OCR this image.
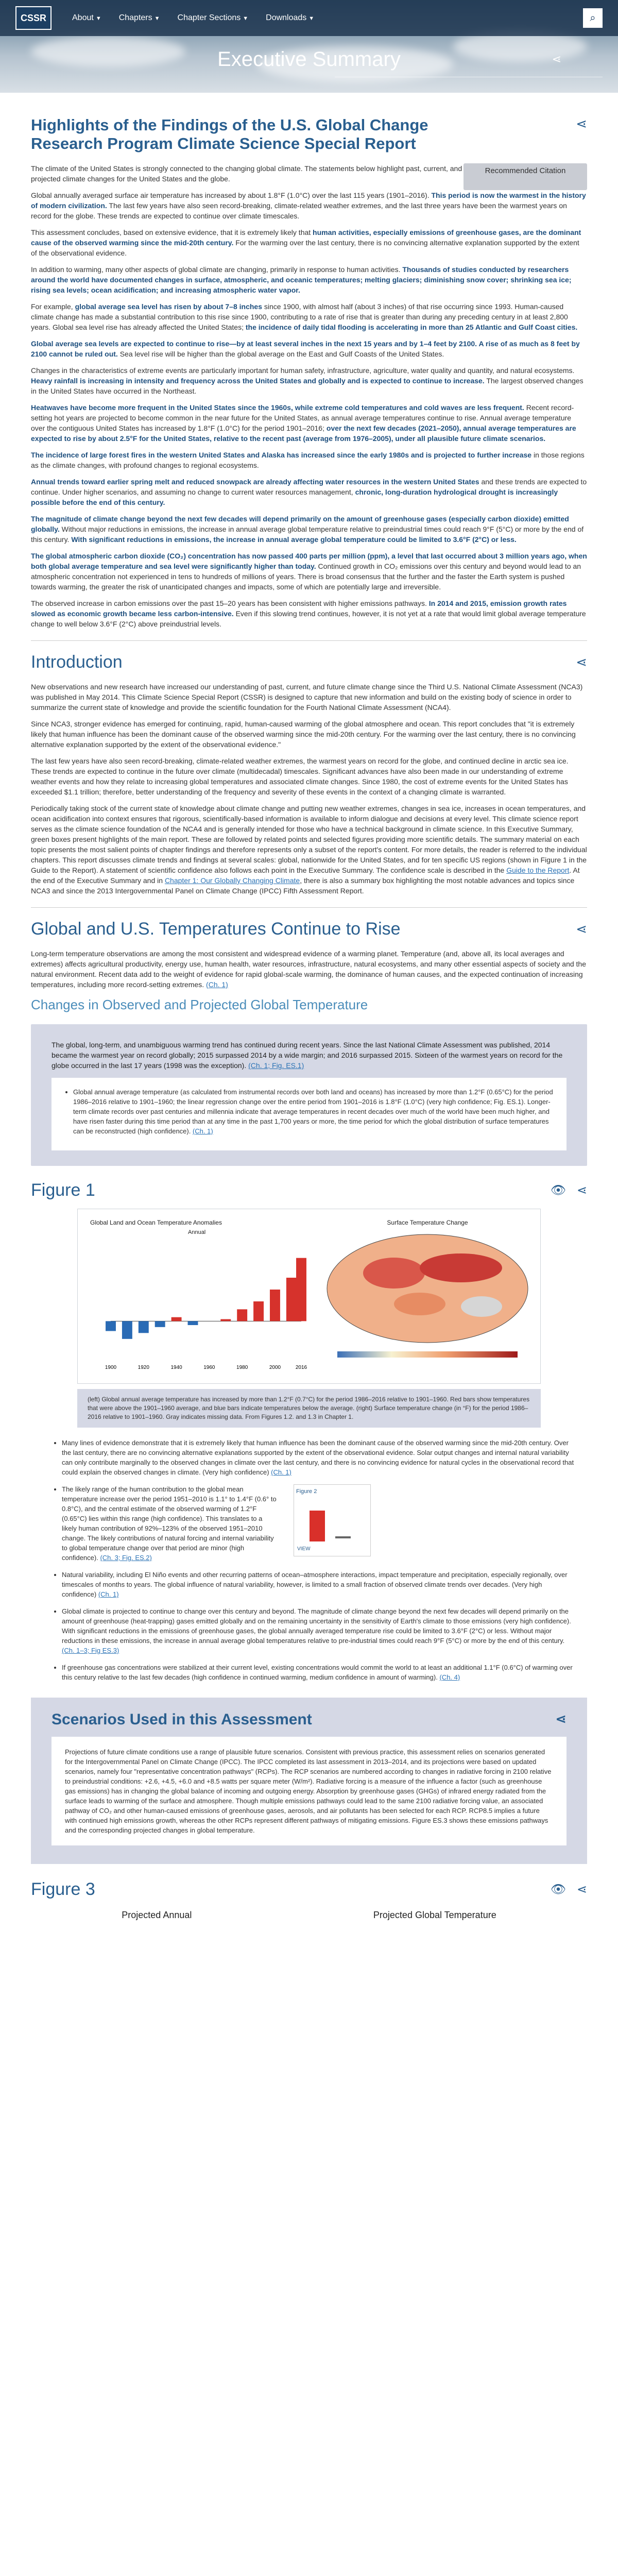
CSSR	About ▼ Chapters ▼ Chapter Sections ▼ Downloads ▼	⌕
Executive Summary	⋖
Highlights of the Findings of the U.S. Global Change Research Program Climate Science Special Report
⋖

The climate of the United States is strongly connected to the changing global climate. The statements below highlight past, current, and projected climate changes for the United States and the globe.

Recommended Citation

Global annually averaged surface air temperature has increased by about 1.8°F (1.0°C) over the last 115 years (1901–2016). This period is now the warmest in the history of modern civilization. The last few years have also seen record-breaking, climate-related weather extremes, and the last three years have been the warmest years on record for the globe. These trends are expected to continue over climate timescales.

This assessment concludes, based on extensive evidence, that it is extremely likely that human activities, especially emissions of greenhouse gases, are the dominant cause of the observed warming since the mid-20th century. For the warming over the last century, there is no convincing alternative explanation supported by the extent of the observational evidence.

In addition to warming, many other aspects of global climate are changing, primarily in response to human activities. Thousands of studies conducted by researchers around the world have documented changes in surface, atmospheric, and oceanic temperatures; melting glaciers; diminishing snow cover; shrinking sea ice; rising sea levels; ocean acidification; and increasing atmospheric water vapor.

For example, global average sea level has risen by about 7–8 inches since 1900, with almost half (about 3 inches) of that rise occurring since 1993. Human-caused climate change has made a substantial contribution to this rise since 1900, contributing to a rate of rise that is greater than during any preceding century in at least 2,800 years. Global sea level rise has already affected the United States; the incidence of daily tidal flooding is accelerating in more than 25 Atlantic and Gulf Coast cities.

Global average sea levels are expected to continue to rise—by at least several inches in the next 15 years and by 1–4 feet by 2100. A rise of as much as 8 feet by 2100 cannot be ruled out. Sea level rise will be higher than the global average on the East and Gulf Coasts of the United States.

Changes in the characteristics of extreme events are particularly important for human safety, infrastructure, agriculture, water quality and quantity, and natural ecosystems. Heavy rainfall is increasing in intensity and frequency across the United States and globally and is expected to continue to increase. The largest observed changes in the United States have occurred in the Northeast.

Heatwaves have become more frequent in the United States since the 1960s, while extreme cold temperatures and cold waves are less frequent. Recent record-setting hot years are projected to become common in the near future for the United States, as annual average temperatures continue to rise. Annual average temperature over the contiguous United States has increased by 1.8°F (1.0°C) for the period 1901–2016; over the next few decades (2021–2050), annual average temperatures are expected to rise by about 2.5°F for the United States, relative to the recent past (average from 1976–2005), under all plausible future climate scenarios.

The incidence of large forest fires in the western United States and Alaska has increased since the early 1980s and is projected to further increase in those regions as the climate changes, with profound changes to regional ecosystems.

Annual trends toward earlier spring melt and reduced snowpack are already affecting water resources in the western United States and these trends are expected to continue. Under higher scenarios, and assuming no change to current water resources management, chronic, long-duration hydrological drought is increasingly possible before the end of this century.

The magnitude of climate change beyond the next few decades will depend primarily on the amount of greenhouse gases (especially carbon dioxide) emitted globally. Without major reductions in emissions, the increase in annual average global temperature relative to preindustrial times could reach 9°F (5°C) or more by the end of this century. With significant reductions in emissions, the increase in annual average global temperature could be limited to 3.6°F (2°C) or less.

The global atmospheric carbon dioxide (CO₂) concentration has now passed 400 parts per million (ppm), a level that last occurred about 3 million years ago, when both global average temperature and sea level were significantly higher than today. Continued growth in CO₂ emissions over this century and beyond would lead to an atmospheric concentration not experienced in tens to hundreds of millions of years. There is broad consensus that the further and the faster the Earth system is pushed towards warming, the greater the risk of unanticipated changes and impacts, some of which are potentially large and irreversible.

The observed increase in carbon emissions over the past 15–20 years has been consistent with higher emissions pathways. In 2014 and 2015, emission growth rates slowed as economic growth became less carbon-intensive. Even if this slowing trend continues, however, it is not yet at a rate that would limit global average temperature change to well below 3.6°F (2°C) above preindustrial levels.

Introduction	⋖

New observations and new research have increased our understanding of past, current, and future climate change since the Third U.S. National Climate Assessment (NCA3) was published in May 2014. This Climate Science Special Report (CSSR) is designed to capture that new information and build on the existing body of science in order to summarize the current state of knowledge and provide the scientific foundation for the Fourth National Climate Assessment (NCA4).

Since NCA3, stronger evidence has emerged for continuing, rapid, human-caused warming of the global atmosphere and ocean. This report concludes that "it is extremely likely that human influence has been the dominant cause of the observed warming since the mid-20th century. For the warming over the last century, there is no convincing alternative explanation supported by the extent of the observational evidence."

The last few years have also seen record-breaking, climate-related weather extremes, the warmest years on record for the globe, and continued decline in arctic sea ice. These trends are expected to continue in the future over climate (multidecadal) timescales. Significant advances have also been made in our understanding of extreme weather events and how they relate to increasing global temperatures and associated climate changes. Since 1980, the cost of extreme events for the United States has exceeded $1.1 trillion; therefore, better understanding of the frequency and severity of these events in the context of a changing climate is warranted.

Periodically taking stock of the current state of knowledge about climate change and putting new weather extremes, changes in sea ice, increases in ocean temperatures, and ocean acidification into context ensures that rigorous, scientifically-based information is available to inform dialogue and decisions at every level. This climate science report serves as the climate science foundation of the NCA4 and is generally intended for those who have a technical background in climate science. In this Executive Summary, green boxes present highlights of the main report. These are followed by related points and selected figures providing more scientific details. The summary material on each topic presents the most salient points of chapter findings and therefore represents only a subset of the report's content. For more details, the reader is referred to the individual chapters. This report discusses climate trends and findings at several scales: global, nationwide for the United States, and for ten specific US regions (shown in Figure 1 in the Guide to the Report). A statement of scientific confidence also follows each point in the Executive Summary. The confidence scale is described in the Guide to the Report. At the end of the Executive Summary and in Chapter 1: Our Globally Changing Climate, there is also a summary box highlighting the most notable advances and topics since NCA3 and since the 2013 Intergovernmental Panel on Climate Change (IPCC) Fifth Assessment Report.

Global and U.S. Temperatures Continue to Rise	⋖

Long-term temperature observations are among the most consistent and widespread evidence of a warming planet. Temperature (and, above all, its local averages and extremes) affects agricultural productivity, energy use, human health, water resources, infrastructure, natural ecosystems, and many other essential aspects of society and the natural environment. Recent data add to the weight of evidence for rapid global-scale warming, the dominance of human causes, and the expected continuation of increasing temperatures, including more record-setting extremes. (Ch. 1)

Changes in Observed and Projected Global Temperature
The global, long-term, and unambiguous warming trend has continued during recent years. Since the last National Climate Assessment was published, 2014 became the warmest year on record globally; 2015 surpassed 2014 by a wide margin; and 2016 surpassed 2015. Sixteen of the warmest years on record for the globe occurred in the last 17 years (1998 was the exception). (Ch. 1; Fig. ES.1)
• Global annual average temperature (as calculated from instrumental records over both land and oceans) has increased by more than 1.2°F (0.65°C) for the period 1986–2016 relative to 1901–1960; the linear regression change over the entire period from 1901–2016 is 1.8°F (1.0°C) (very high confidence; Fig. ES.1). Longer-term climate records over past centuries and millennia indicate that average temperatures in recent decades over much of the world have been much higher, and have risen faster during this time period than at any time in the past 1,700 years or more, the time period for which the global distribution of surface temperatures can be reconstructed (high confidence). (Ch. 1)
Figure 1	👁 ⋖
Global Land and Ocean Temperature Anomalies
Annual
1900	1920	1940	1960	1980	2000	2016
Surface Temperature Change
(left) Global annual average temperature has increased by more than 1.2°F (0.7°C) for the period 1986–2016 relative to 1901–1960. Red bars show temperatures that were above the 1901–1960 average, and blue bars indicate temperatures below the average. (right) Surface temperature change (in °F) for the period 1986–2016 relative to 1901–1960. Gray indicates missing data. From Figures 1.2. and 1.3 in Chapter 1.
• Many lines of evidence demonstrate that it is extremely likely that human influence has been the dominant cause of the observed warming since the mid-20th century. Over the last century, there are no convincing alternative explanations supported by the extent of the observational evidence. Solar output changes and internal natural variability can only contribute marginally to the observed changes in climate over the last century, and there is no convincing evidence for natural cycles in the observational record that could explain the observed changes in climate. (Very high confidence) (Ch. 1)
• The likely range of the human contribution to the global mean temperature increase over the period 1951–2010 is 1.1° to 1.4°F (0.6° to 0.8°C), and the central estimate of the observed warming of 1.2°F (0.65°C) lies within this range (high confidence). This translates to a likely human contribution of 92%–123% of the observed 1951–2010 change. The likely contributions of natural forcing and internal variability to global temperature change over that period are minor (high confidence). (Ch. 3; Fig. ES.2)
Figure 2
VIEW
• Natural variability, including El Niño events and other recurring patterns of ocean–atmosphere interactions, impact temperature and precipitation, especially regionally, over timescales of months to years. The global influence of natural variability, however, is limited to a small fraction of observed climate trends over decades. (Very high confidence) (Ch. 1)
• Global climate is projected to continue to change over this century and beyond. The magnitude of climate change beyond the next few decades will depend primarily on the amount of greenhouse (heat-trapping) gases emitted globally and on the remaining uncertainty in the sensitivity of Earth's climate to those emissions (very high confidence). With significant reductions in the emissions of greenhouse gases, the global annually averaged temperature rise could be limited to 3.6°F (2°C) or less. Without major reductions in these emissions, the increase in annual average global temperatures relative to pre-industrial times could reach 9°F (5°C) or more by the end of this century. (Ch. 1–3; Fig ES.3)
• If greenhouse gas concentrations were stabilized at their current level, existing concentrations would commit the world to at least an additional 1.1°F (0.6°C) of warming over this century relative to the last few decades (high confidence in continued warming, medium confidence in amount of warming). (Ch. 4)
Scenarios Used in this Assessment	⋖
Projections of future climate conditions use a range of plausible future scenarios. Consistent with previous practice, this assessment relies on scenarios generated for the Intergovernmental Panel on Climate Change (IPCC). The IPCC completed its last assessment in 2013–2014, and its projections were based on updated scenarios, namely four "representative concentration pathways" (RCPs). The RCP scenarios are numbered according to changes in radiative forcing in 2100 relative to preindustrial conditions: +2.6, +4.5, +6.0 and +8.5 watts per square meter (W/m²). Radiative forcing is a measure of the influence a factor (such as greenhouse gas emissions) has in changing the global balance of incoming and outgoing energy. Absorption by greenhouse gases (GHGs) of infrared energy radiated from the surface leads to warming of the surface and atmosphere. Though multiple emissions pathways could lead to the same 2100 radiative forcing value, an associated pathway of CO₂ and other human-caused emissions of greenhouse gases, aerosols, and air pollutants has been selected for each RCP. RCP8.5 implies a future with continued high emissions growth, whereas the other RCPs represent different pathways of mitigating emissions. Figure ES.3 shows these emissions pathways and the corresponding projected changes in global temperature.
Figure 3	👁 ⋖
Projected Annual	Projected Global Temperature
